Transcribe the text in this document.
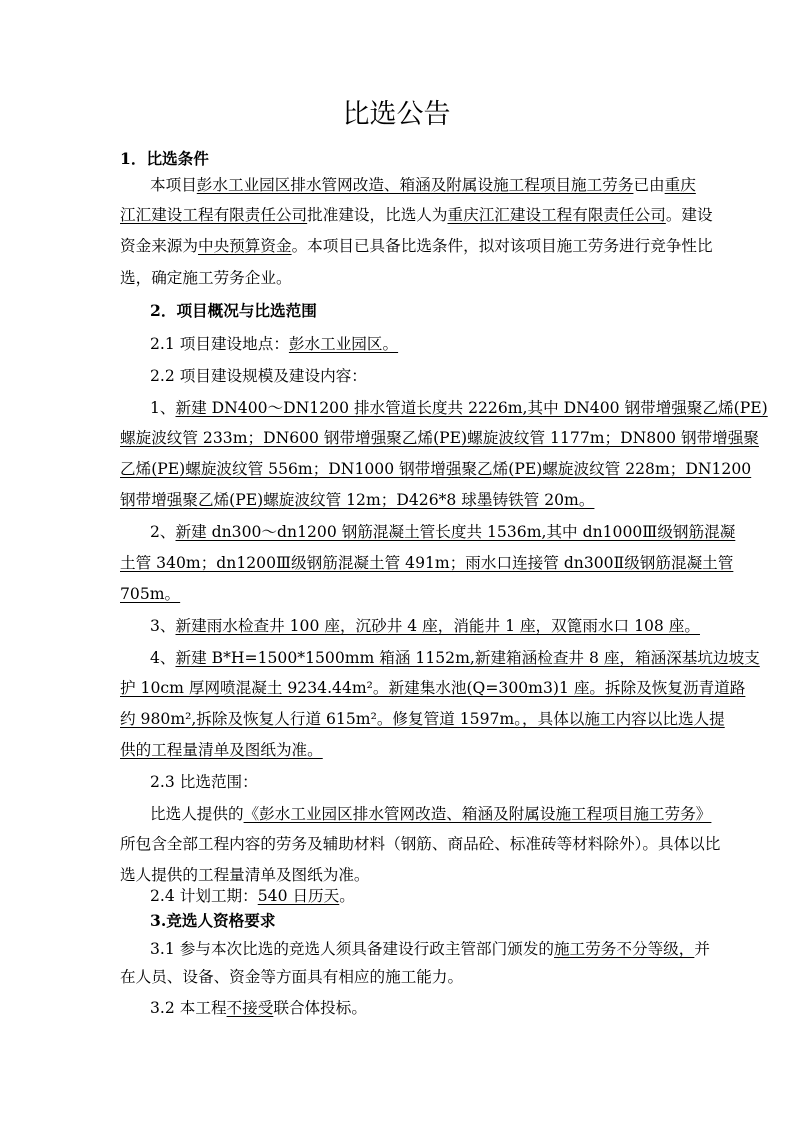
比选公告
1．比选条件
本项目彭水工业园区排水管网改造、箱涵及附属设施工程项目施工劳务已由重庆
江汇建设工程有限责任公司批准建设，比选人为重庆江汇建设工程有限责任公司。建设
资金来源为中央预算资金。本项目已具备比选条件，拟对该项目施工劳务进行竞争性比
选，确定施工劳务企业。
2．项目概况与比选范围
2.1 项目建设地点：彭水工业园区。
2.2 项目建设规模及建设内容：
1、新建 DN400～DN1200 排水管道长度共 2226m,其中 DN400 钢带增强聚乙烯(PE)
螺旋波纹管 233m；DN600 钢带增强聚乙烯(PE)螺旋波纹管 1177m；DN800 钢带增强聚
乙烯(PE)螺旋波纹管 556m；DN1000 钢带增强聚乙烯(PE)螺旋波纹管 228m；DN1200
钢带增强聚乙烯(PE)螺旋波纹管 12m；D426*8 球墨铸铁管 20m。
2、新建 dn300～dn1200 钢筋混凝土管长度共 1536m,其中 dn1000Ⅲ级钢筋混凝
土管 340m；dn1200Ⅲ级钢筋混凝土管 491m；雨水口连接管 dn300Ⅱ级钢筋混凝土管
705m。
3、新建雨水检查井 100 座，沉砂井 4 座，消能井 1 座，双篦雨水口 108 座。
4、新建 B*H=1500*1500mm 箱涵 1152m,新建箱涵检查井 8 座，箱涵深基坑边坡支
护 10cm 厚网喷混凝土 9234.44m²。新建集水池(Q=300m3)1 座。拆除及恢复沥青道路
约 980m²,拆除及恢复人行道 615m²。修复管道 1597m。，具体以施工内容以比选人提
供的工程量清单及图纸为准。
2.3 比选范围：
比选人提供的《彭水工业园区排水管网改造、箱涵及附属设施工程项目施工劳务》
所包含全部工程内容的劳务及辅助材料（钢筋、商品砼、标准砖等材料除外）。具体以比
选人提供的工程量清单及图纸为准。
2.4 计划工期：540 日历天。
3.竞选人资格要求
3.1 参与本次比选的竞选人须具备建设行政主管部门颁发的施工劳务不分等级，并
在人员、设备、资金等方面具有相应的施工能力。
3.2 本工程不接受联合体投标。
